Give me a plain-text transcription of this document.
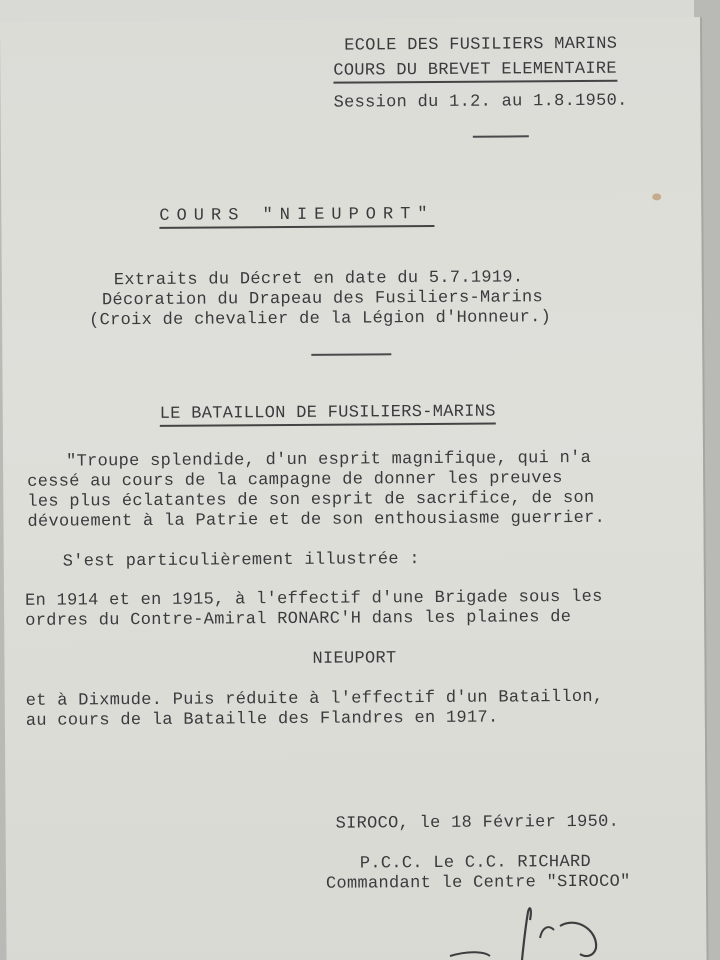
ECOLE DES FUSILIERS MARINS
COURS DU BREVET ELEMENTAIRE
Session du 1.2. au 1.8.1950.
COURS "NIEUPORT"
Extraits du Décret en date du 5.7.1919.
Décoration du Drapeau des Fusiliers-Marins
(Croix de chevalier de la Légion d'Honneur.)
LE BATAILLON DE FUSILIERS-MARINS
"Troupe splendide, d'un esprit magnifique, qui n'a
cessé au cours de la campagne de donner les preuves
les plus éclatantes de son esprit de sacrifice, de son
dévouement à la Patrie et de son enthousiasme guerrier.
S'est particulièrement illustrée :
En 1914 et en 1915, à l'effectif d'une Brigade sous les
ordres du Contre-Amiral RONARC'H dans les plaines de
NIEUPORT
et à Dixmude. Puis réduite à l'effectif d'un Bataillon,
au cours de la Bataille des Flandres en 1917.
SIROCO, le 18 Février 1950.
P.C.C. Le C.C. RICHARD
Commandant le Centre "SIROCO"
